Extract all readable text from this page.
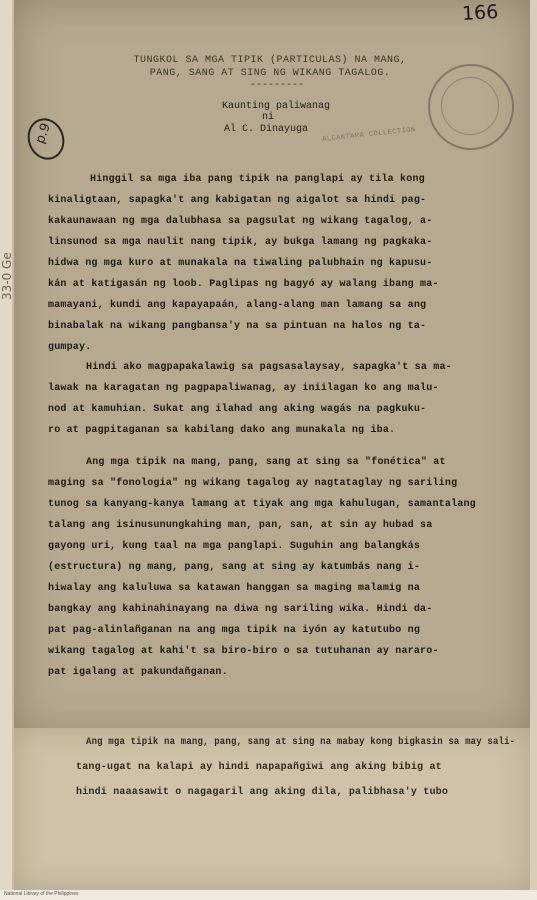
166
p.9
33-0 Ge
TUNGKOL SA MGA TIPIK (PARTICULAS) NA MANG,
PANG, SANG AT SING NG WIKANG TAGALOG.
---------
Kaunting paliwanag
ni
Al C. Dinayuga ALCANTARA COLLECTION
Hinggil sa mga iba pang tipik na panglapi ay tila kong
kinaligtaan, sapagka't ang kabigatan ng aigalot sa hindi pag-
kakaunawaan ng mga dalubhasa sa pagsulat ng wikang tagalog, a-
linsunod sa mga naulit nang tipik, ay bukga lamang ng pagkaka-
hidwa ng mga kuro at munakala na tiwaling palubhain ng kapusu-
kán at katigasán ng loob. Paglipas ng bagyó ay walang ibang ma-
mamayani, kundi ang kapayapaán, alang-alang man lamang sa ang
binabalak na wikang pangbansa'y na sa pintuan na halos ng ta-
gumpay.
Hindi ako magpapakalawig sa pagsasalaysay, sapagka't sa ma-
lawak na karagatan ng pagpapaliwanag, ay iniilagan ko ang malu-
nod at kamuhian. Sukat ang ilahad ang aking wagás na pagkuku-
ro at pagpitaganan sa kabilang dako ang munakala ng iba.
Ang mga tipik na mang, pang, sang at sing sa "fonética" at
maging sa "fonologia" ng wikang tagalog ay nagtataglay ng sariling
tunog sa kanyang-kanya lamang at tiyak ang mga kahulugan, samantalang
talang ang isinusunungkahing man, pan, san, at sin ay hubad sa
gayong uri, kung taal na mga panglapi. Suguhin ang balangkás
(estructura) ng mang, pang, sang at sing ay katumbás nang i-
hiwalay ang kaluluwa sa katawan hanggan sa maging malamig na
bangkay ang kahinahinayang na diwa ng sariling wika. Hindi da-
pat pag-alinlañganan na ang mga tipik na iyón ay katutubo ng
wikang tagalog at kahi't sa biro-biro o sa tutuhanan ay nararo-
pat igalang at pakundañganan.
Ang mga tipik na mang, pang, sang at sing na mabay kong bigkasin sa may sali-
tang-ugat na kalapi ay hindi napapañgiwi ang aking bibig at
hindi naaasawit o nagagaril ang aking dila, palibhasa'y tubo
National Library of the Philippines
